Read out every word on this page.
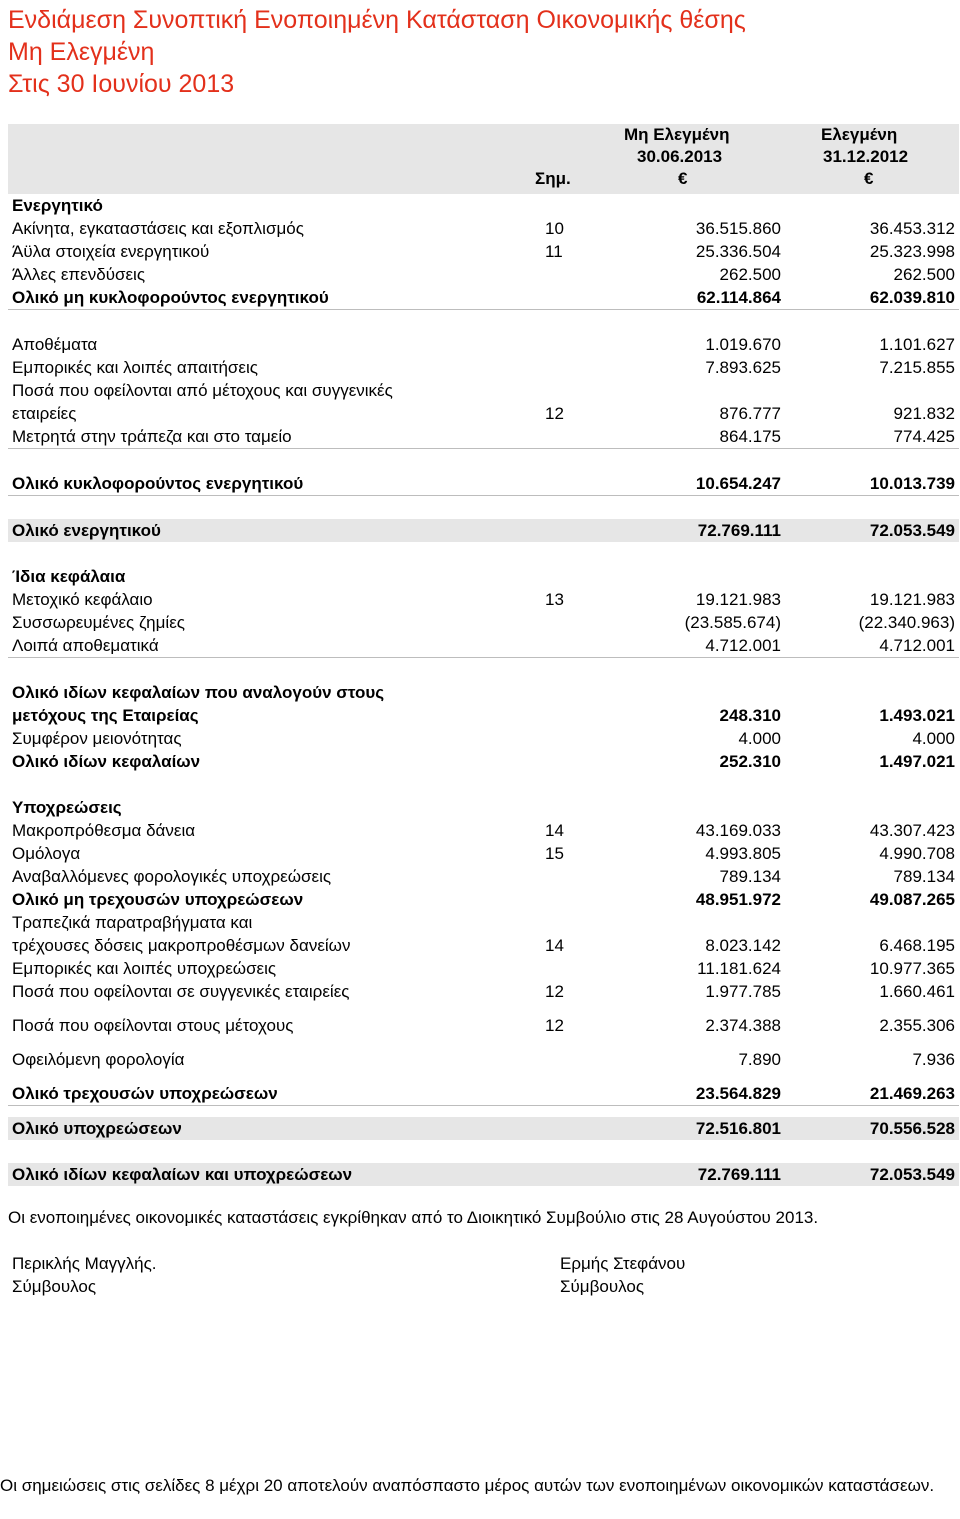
Ενδιάμεση Συνοπτική Ενοποιημένη Κατάσταση Οικονομικής θέσης
Μη Ελεγμένη
Στις 30 Ιουνίου 2013
Σημ.
Μη Ελεγμένη
30.06.2013
€
Ελεγμένη
31.12.2012
€
Ενεργητικό
Ακίνητα, εγκαταστάσεις και εξοπλισμός	10	36.515.860	36.453.312
Άϋλα στοιχεία ενεργητικού	11	25.336.504	25.323.998
Άλλες επενδύσεις	262.500	262.500
Ολικό μη κυκλοφορούντος ενεργητικού	62.114.864	62.039.810
Αποθέματα	1.019.670	1.101.627
Εμπορικές και λοιπές απαιτήσεις	7.893.625	7.215.855
Ποσά που οφείλονται από μέτοχους και συγγενικές
εταιρείες	12	876.777	921.832
Μετρητά στην τράπεζα και στο ταμείο	864.175	774.425
Ολικό κυκλοφορούντος ενεργητικού	10.654.247	10.013.739
Ολικό ενεργητικού	72.769.111	72.053.549
Ίδια κεφάλαια
Μετοχικό κεφάλαιο	13	19.121.983	19.121.983
Συσσωρευμένες ζημίες	(23.585.674)	(22.340.963)
Λοιπά αποθεματικά	4.712.001	4.712.001
Ολικό ιδίων κεφαλαίων που αναλογούν στους
μετόχους της Εταιρείας	248.310	1.493.021
Συμφέρον μειονότητας	4.000	4.000
Ολικό ιδίων κεφαλαίων	252.310	1.497.021
Υποχρεώσεις
Μακροπρόθεσμα δάνεια	14	43.169.033	43.307.423
Ομόλογα	15	4.993.805	4.990.708
Αναβαλλόμενες φορολογικές υποχρεώσεις	789.134	789.134
Ολικό μη τρεχουσών υποχρεώσεων	48.951.972	49.087.265
Τραπεζικά παρατραβήγματα και
τρέχουσες δόσεις μακροπροθέσμων δανείων	14	8.023.142	6.468.195
Εμπορικές και λοιπές υποχρεώσεις	11.181.624	10.977.365
Ποσά που οφείλονται σε συγγενικές εταιρείες	12	1.977.785	1.660.461
Ποσά που οφείλονται στους μέτοχους	12	2.374.388	2.355.306
Οφειλόμενη φορολογία	7.890	7.936
Ολικό τρεχουσών υποχρεώσεων	23.564.829	21.469.263
Ολικό υποχρεώσεων	72.516.801	70.556.528
Ολικό ιδίων κεφαλαίων και υποχρεώσεων	72.769.111	72.053.549
Οι ενοποιημένες οικονομικές καταστάσεις εγκρίθηκαν από το Διοικητικό Συμβούλιο στις 28 Αυγούστου 2013.
Περικλής Μαγγλής.
Σύμβουλος
Ερμής Στεφάνου
Σύμβουλος
Οι σημειώσεις στις σελίδες 8 μέχρι 20 αποτελούν αναπόσπαστο μέρος αυτών των ενοποιημένων οικονομικών καταστάσεων.
